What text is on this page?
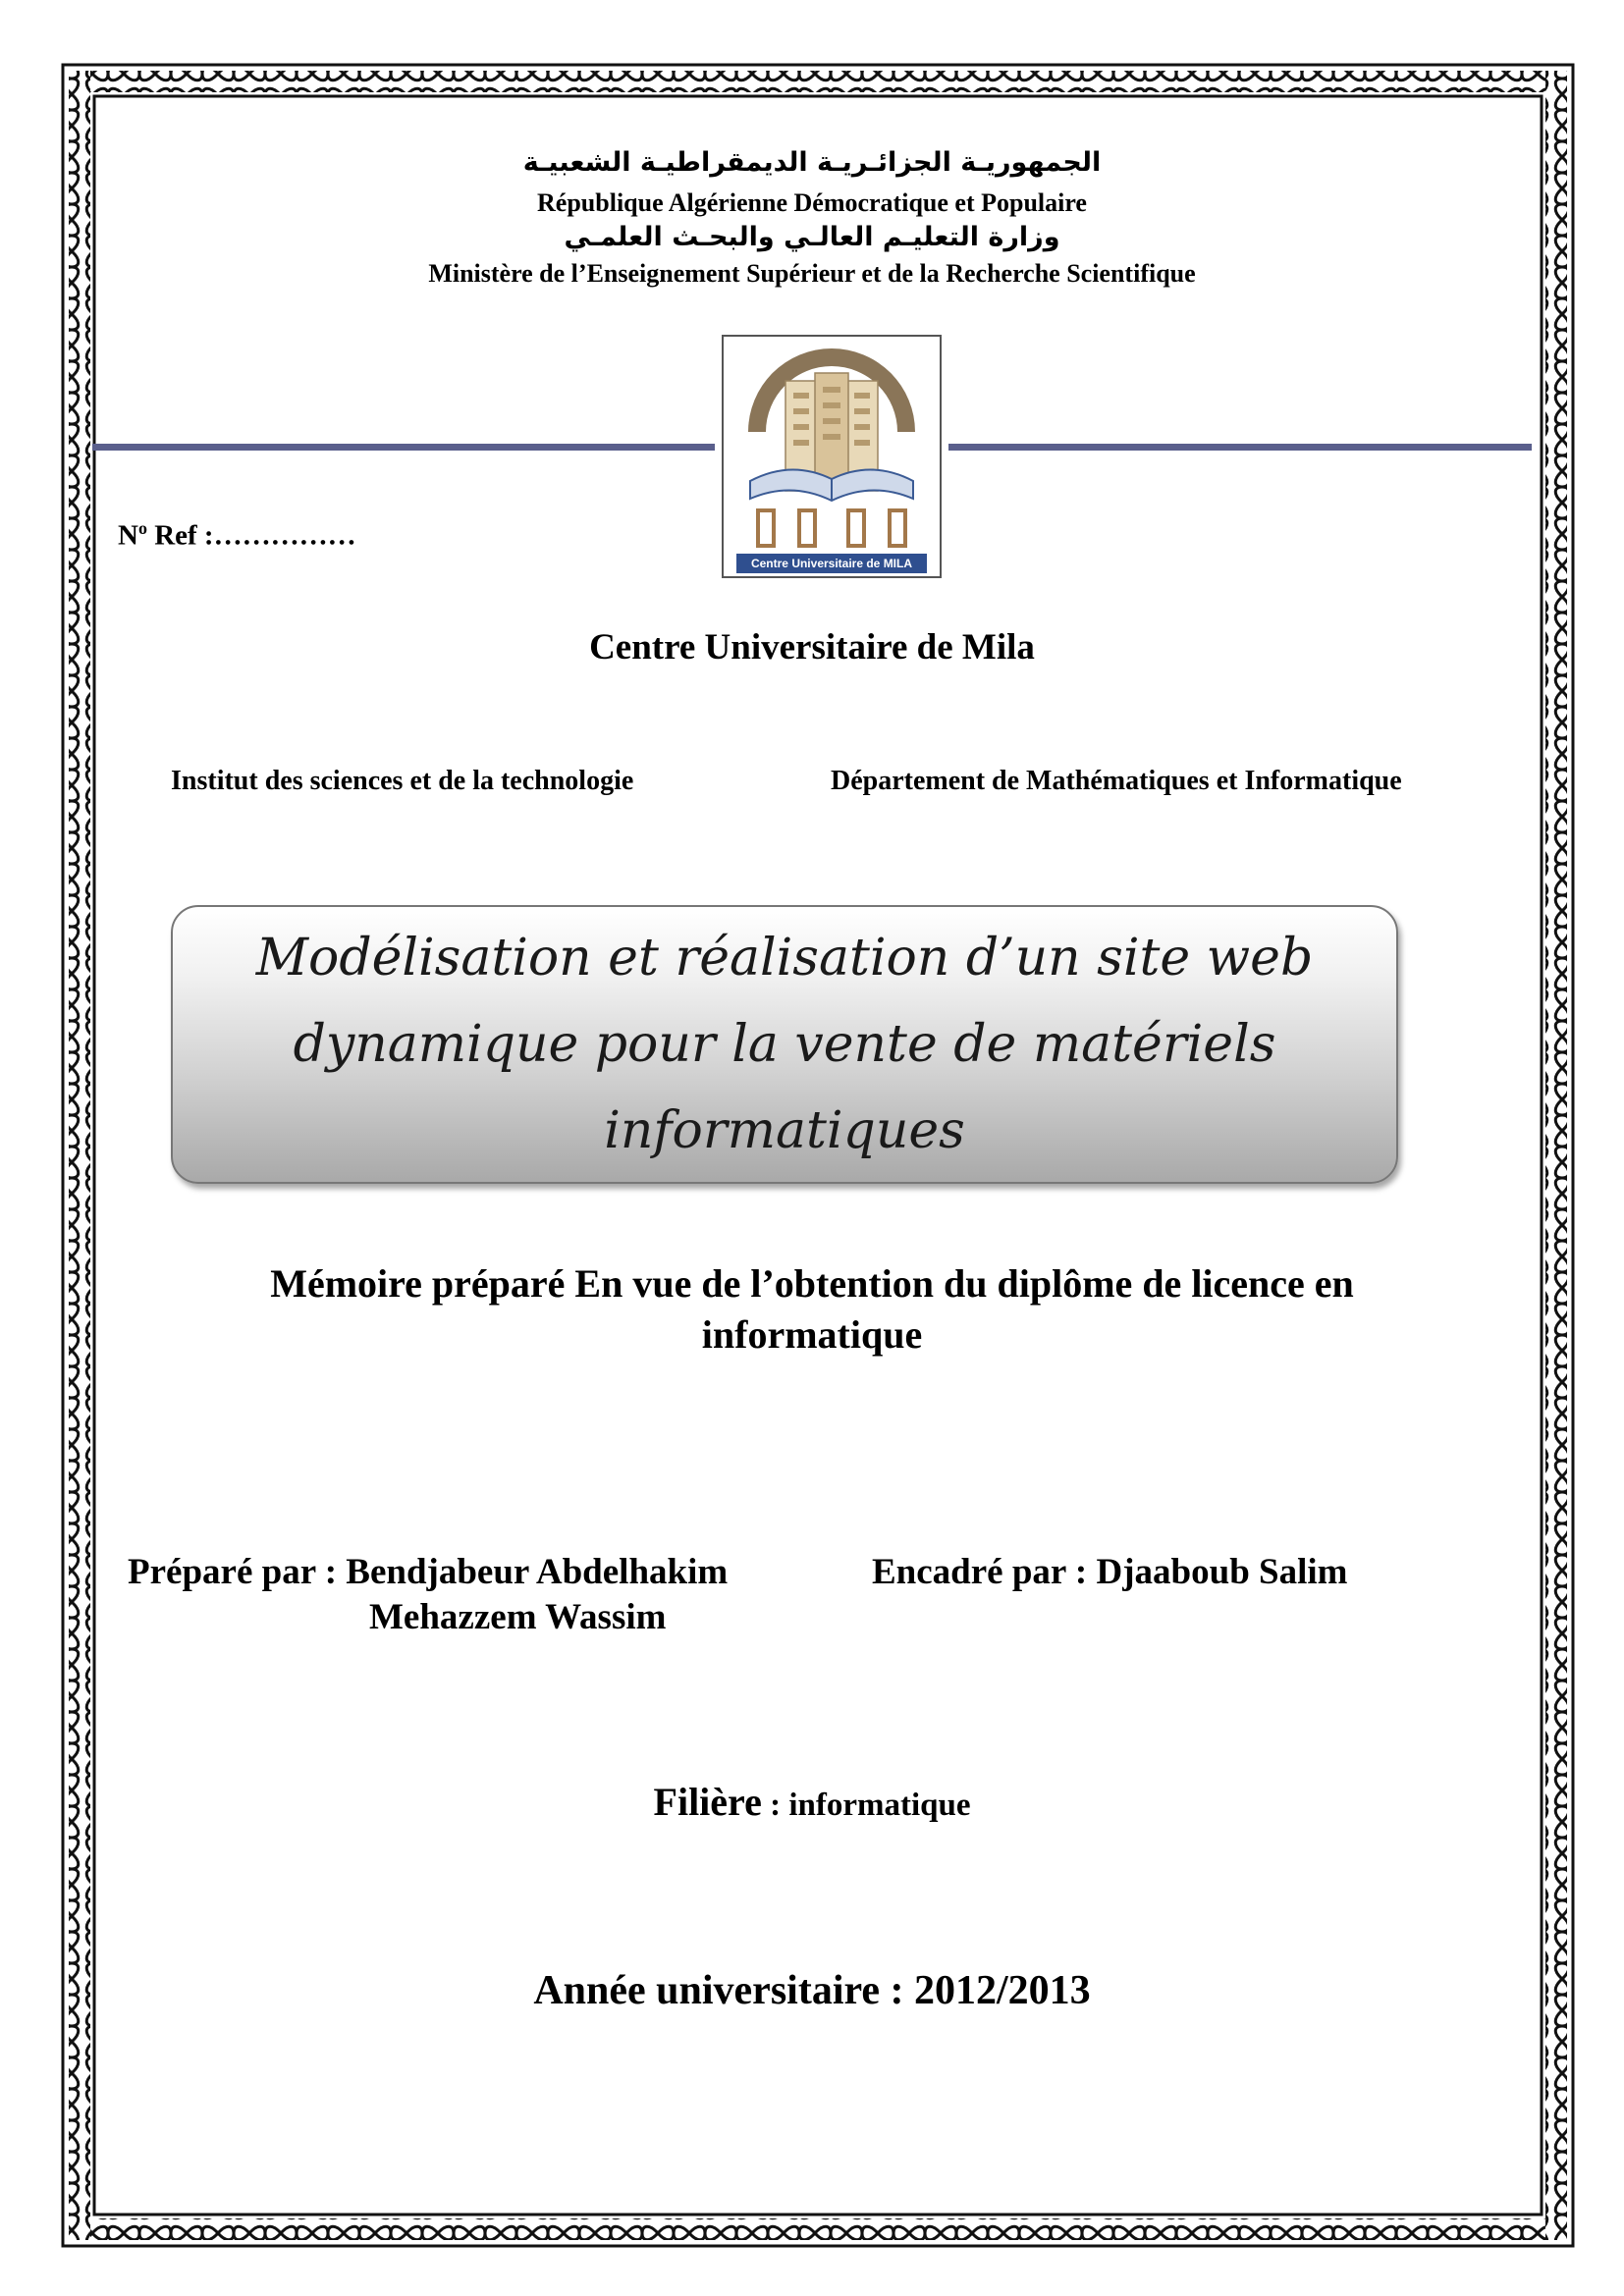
الجمهوريـة الجزائـريـة الديمقراطيـة الشعبيـة
République Algérienne Démocratique et Populaire
وزارة التعليـم العالـي والبحـث العلمـي
Ministère de l’Enseignement Supérieur et de la Recherche Scientifique
Centre Universitaire de MILA
$N^o$ Ref :……………
Centre Universitaire de Mila
Institut des sciences et de la technologie	Département de Mathématiques et Informatique
Modélisation et réalisation d’un site web dynamique pour la vente de matériels informatiques
Mémoire préparé En vue de l’obtention du diplôme de licence en
informatique
Préparé par : Bendjabeur Abdelhakim
Mehazzem Wassim
Encadré par : Djaaboub Salim
Filière : informatique
Année universitaire : 2012/2013
